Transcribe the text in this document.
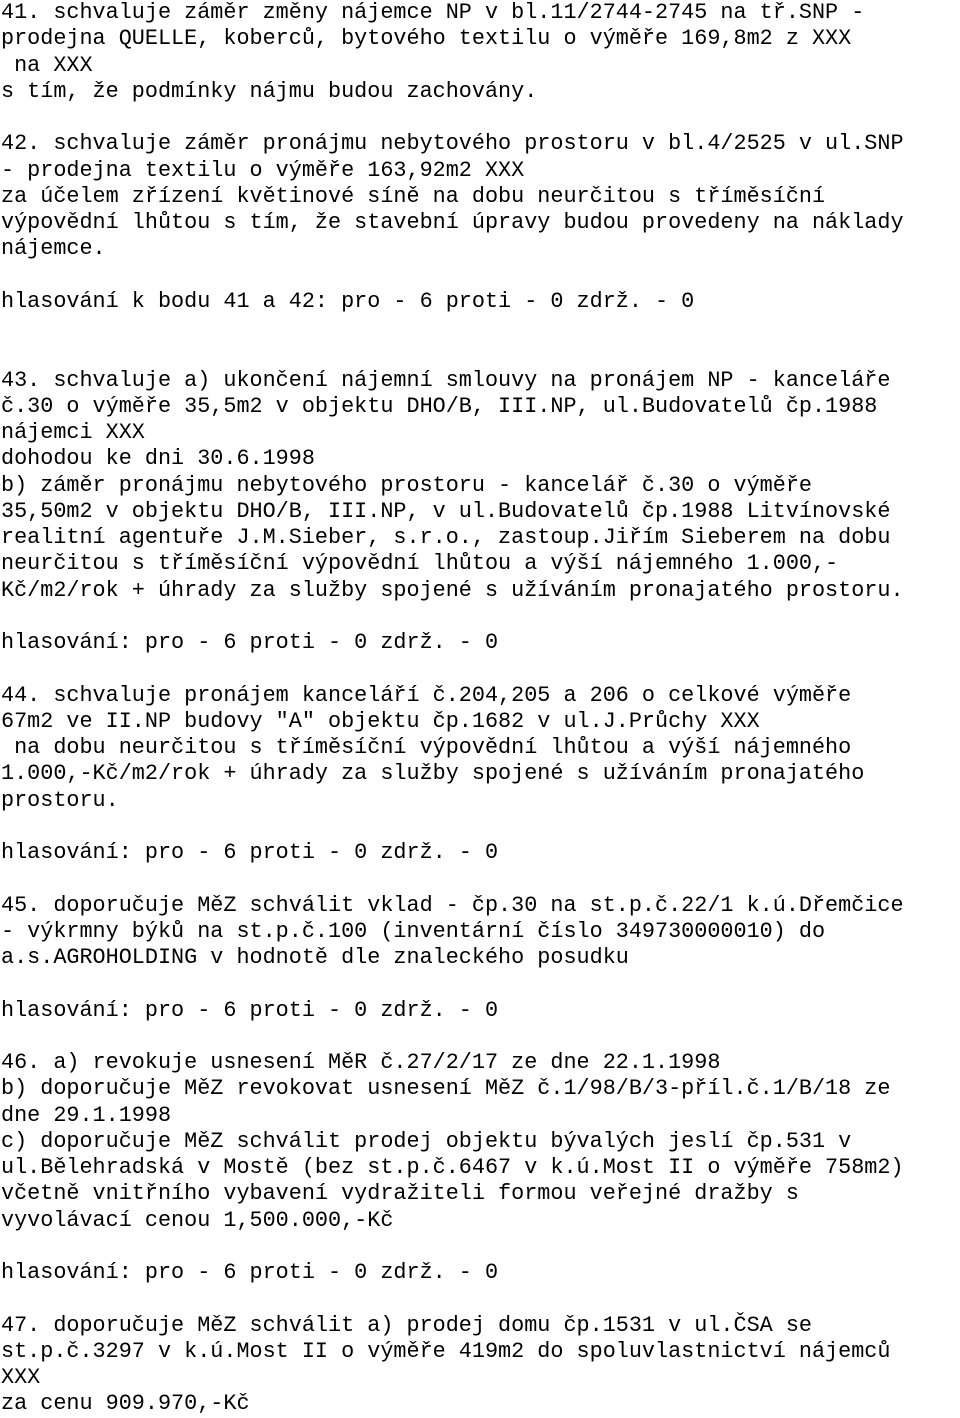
41. schvaluje záměr změny nájemce NP v bl.11/2744-2745 na tř.SNP -
prodejna QUELLE, koberců, bytového textilu o výměře 169,8m2 z XXX
na XXX
s tím, že podmínky nájmu budou zachovány.
42. schvaluje záměr pronájmu nebytového prostoru v bl.4/2525 v ul.SNP
- prodejna textilu o výměře 163,92m2 XXX
za účelem zřízení květinové síně na dobu neurčitou s tříměsíční
výpovědní lhůtou s tím, že stavební úpravy budou provedeny na náklady
nájemce.
hlasování k bodu 41 a 42: pro - 6 proti - 0 zdrž. - 0
43. schvaluje a) ukončení nájemní smlouvy na pronájem NP - kanceláře
č.30 o výměře 35,5m2 v objektu DHO/B, III.NP, ul.Budovatelů čp.1988
nájemci XXX
dohodou ke dni 30.6.1998
b) záměr pronájmu nebytového prostoru - kancelář č.30 o výměře
35,50m2 v objektu DHO/B, III.NP, v ul.Budovatelů čp.1988 Litvínovské
realitní agentuře J.M.Sieber, s.r.o., zastoup.Jiřím Sieberem na dobu
neurčitou s tříměsíční výpovědní lhůtou a výší nájemného 1.000,-
Kč/m2/rok + úhrady za služby spojené s užíváním pronajatého prostoru.
hlasování: pro - 6 proti - 0 zdrž. - 0
44. schvaluje pronájem kanceláří č.204,205 a 206 o celkové výměře
67m2 ve II.NP budovy "A" objektu čp.1682 v ul.J.Průchy XXX
na dobu neurčitou s tříměsíční výpovědní lhůtou a výší nájemného
1.000,-Kč/m2/rok + úhrady za služby spojené s užíváním pronajatého
prostoru.
hlasování: pro - 6 proti - 0 zdrž. - 0
45. doporučuje MěZ schválit vklad - čp.30 na st.p.č.22/1 k.ú.Dřemčice
- výkrmny býků na st.p.č.100 (inventární číslo 349730000010) do
a.s.AGROHOLDING v hodnotě dle znaleckého posudku
hlasování: pro - 6 proti - 0 zdrž. - 0
46. a) revokuje usnesení MěR č.27/2/17 ze dne 22.1.1998
b) doporučuje MěZ revokovat usnesení MěZ č.1/98/B/3-příl.č.1/B/18 ze
dne 29.1.1998
c) doporučuje MěZ schválit prodej objektu bývalých jeslí čp.531 v
ul.Bělehradská v Mostě (bez st.p.č.6467 v k.ú.Most II o výměře 758m2)
včetně vnitřního vybavení vydražiteli formou veřejné dražby s
vyvolávací cenou 1,500.000,-Kč
hlasování: pro - 6 proti - 0 zdrž. - 0
47. doporučuje MěZ schválit a) prodej domu čp.1531 v ul.ČSA se
st.p.č.3297 v k.ú.Most II o výměře 419m2 do spoluvlastnictví nájemců
XXX
za cenu 909.970,-Kč
